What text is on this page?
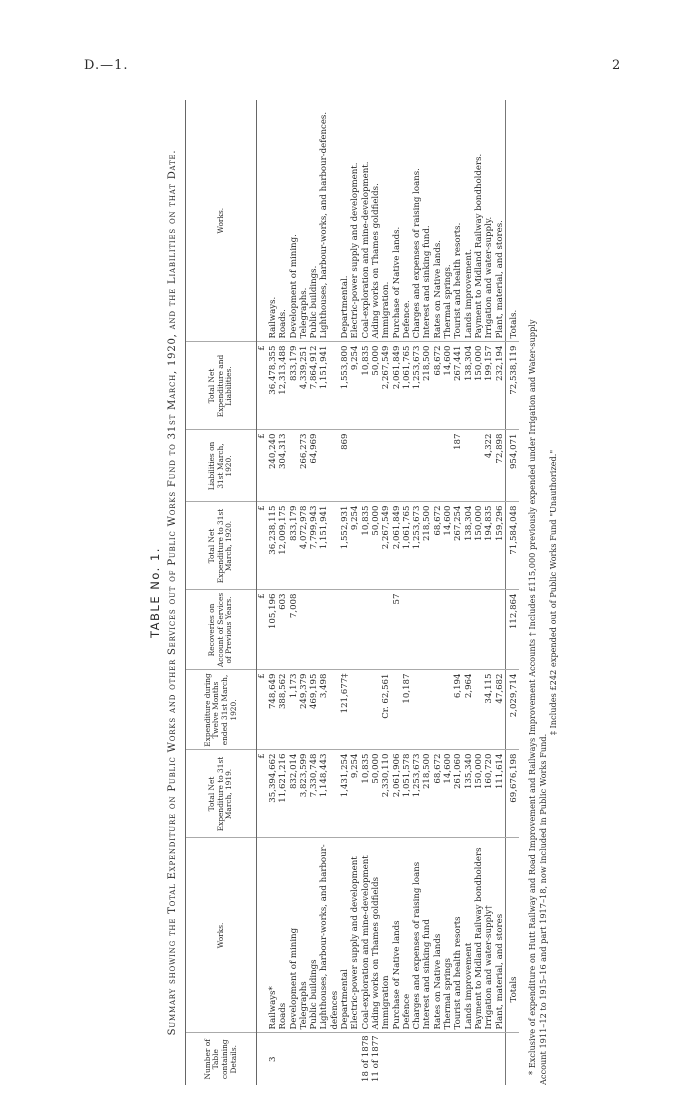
D.—1.	2
TABLE No. 1. Summary showing the Total Expenditure on Public Works and other Services out of Public Works Fund to 31st March, 1920, and the Liabilities on that Date.
Number of Table containing Details.	Works.	Total Net Expenditure to 31st March, 1919.	Expenditure during Twelve Months ended 31st March, 1920.	Recoveries on Account of Services of Previous Years.	Total Net Expenditure to 31st March, 1920.	Liabilities on 31st March, 1920.	Total Net Expenditure and Liabilities.	Works.
		£	£	£	£	£	£	
3	Railways*	35,394,662	748,649	105,196	36,238,115	240,240	36,478,355	Railways.
	Roads	11,621,216	388,562	603	12,009,175	304,313	12,313,488	Roads.
	Development of mining	832,014	1,173	7,008	833,179		833,179	Development of mining.
	Telegraphs	3,823,599	249,379		4,072,978	266,273	4,339,251	Telegraphs.
	Public buildings	7,330,748	469,195		7,799,943	64,969	7,864,912	Public buildings.
	Lighthouses, harbour-works, and harbour-defences	1,148,443	3,498		1,151,941		1,151,941	Lighthouses, harbour-works, and harbour-defences.
	Departmental	1,431,254	121,677‡		1,552,931	869	1,553,800	Departmental.
	Electric-power supply and development	9,254			9,254		9,254	Electric-power supply and development.
18 of 1878	Coal-exploration and mine-development	10,835			10,835		10,835	Coal-exploration and mine-development.
11 of 1877	Aiding works on Thames goldfields	50,000			50,000		50,000	Aiding works on Thames goldfields.
	Immigration	2,330,110	Cr. 62,561		2,267,549		2,267,549	Immigration.
	Purchase of Native lands	2,061,906		57	2,061,849		2,061,849	Purchase of Native lands.
	Defence	1,051,578	10,187		1,061,765		1,061,765	Defence.
	Charges and expenses of raising loans	1,253,673			1,253,673		1,253,673	Charges and expenses of raising loans.
	Interest and sinking fund	218,500			218,500		218,500	Interest and sinking fund.
	Rates on Native lands	68,672			68,672		68,672	Rates on Native lands.
	Thermal springs	14,600			14,600		14,600	Thermal springs.
	Tourist and health resorts	261,060	6,194		267,254	187	267,441	Tourist and health resorts.
	Lands improvement	135,340	2,964		138,304		138,304	Lands improvement.
	Payment to Midland Railway bondholders	150,000			150,000		150,000	Payment to Midland Railway bondholders.
	Irrigation and water-supply†	160,720	34,115		194,835	4,322	199,157	Irrigation and water-supply.
	Plant, material, and stores	111,614	47,682		159,296	72,898	232,194	Plant, material, and stores.
	Totals	69,676,198	2,029,714	112,864	71,584,048	954,071	72,538,119	Totals. * Exclusive of expenditure on Hutt Railway and Road Improvement and Railways Improvement Accounts † Includes £115,000 previously expended under Irrigation and Water-supply Account 1911–12 to 1915–16 and part 1917–18, now included in Public Works Fund.
‡ Includes £242 expended out of Public Works Fund "Unauthorized."
